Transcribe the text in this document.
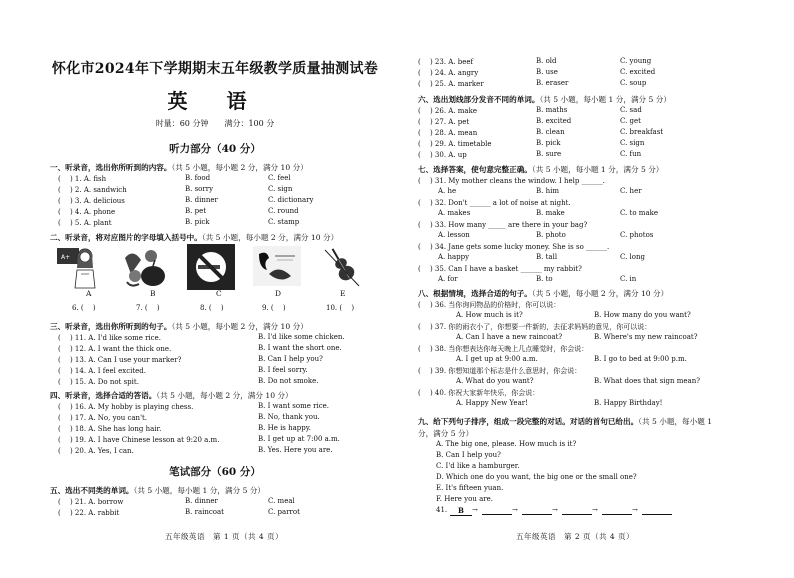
怀化市2024年下学期期末五年级教学质量抽测试卷
英 语
时量：60 分钟　　满分：100 分
听力部分（40 分）
一、听录音，选出你所听到的内容。（共 5 小题，每小题 2 分，满分 10 分）
(　 ) 1. A. fish	B. food	C. feel
(　 ) 2. A. sandwich	B. sorry	C. sign
(　 ) 3. A. delicious	B. dinner	C. dictionary
(　 ) 4. A. phone	B. pet	C. round
(　 ) 5. A. plant	B. pick	C. stamp
二、听录音，将对应图片的字母填入括号中。（共 5 小题，每小题 2 分，满分 10 分）
A+
A	B	C	D	E
6. (　 )	7. (　 )	8. (　 )	9. (　 )	10. (　 )
三、听录音，选出你所听到的句子。（共 5 小题，每小题 2 分，满分 10 分）
(　 ) 11. A. I'd like some rice.	B. I'd like some chicken.
(　 ) 12. A. I want the thick one.	B. I want the short one.
(　 ) 13. A. Can I use your marker?	B. Can I help you?
(　 ) 14. A. I feel excited.	B. I feel sorry.
(　 ) 15. A. Do not spit.	B. Do not smoke.
四、听录音，选择合适的答语。（共 5 小题，每小题 2 分，满分 10 分）
(　 ) 16. A. My hobby is playing chess.	B. I want some rice.
(　 ) 17. A. No, you can't.	B. No, thank you.
(　 ) 18. A. She has long hair.	B. He is happy.
(　 ) 19. A. I have Chinese lesson at 9:20 a.m.	B. I get up at 7:00 a.m.
(　 ) 20. A. Yes, I can.	B. Yes. Here you are.
笔试部分（60 分）
五、选出不同类的单词。（共 5 小题，每小题 1 分，满分 5 分）
(　 ) 21. A. borrow	B. dinner	C. meal
(　 ) 22. A. rabbit	B. raincoat	C. parrot
五年级英语　第 1 页（共 4 页）
(　 ) 23. A. beef	B. old	C. young
(　 ) 24. A. angry	B. use	C. excited
(　 ) 25. A. marker	B. eraser	C. soup
六、选出划线部分发音不同的单词。（共 5 小题，每小题 1 分，满分 5 分）
(　 ) 26. A. make	B. maths	C. sad
(　 ) 27. A. pet	B. excited	C. get
(　 ) 28. A. mean	B. clean	C. breakfast
(　 ) 29. A. timetable	B. pick	C. sign
(　 ) 30. A. up	B. sure	C. fun
七、选择答案，使句意完整正确。（共 5 小题，每小题 1 分，满分 5 分）
(　 ) 31. My mother cleans the window. I help ______.
A. he	B. him	C. her
(　 ) 32. Don't ______ a lot of noise at night.
A. makes	B. make	C. to make
(　 ) 33. How many _____ are there in your bag?
A. lesson	B. photo	C. photos
(　 ) 34. Jane gets some lucky money. She is so ______.
A. happy	B. tall	C. long
(　 ) 35. Can I have a basket ______ my rabbit?
A. for	B. to	C. in
八、根据情境，选择合适的句子。（共 5 小题，每小题 2 分，满分 10 分）
(　 ) 36. 当你询问物品的价格时，你可以说：
A. How much is it?	B. How many do you want?
(　 ) 37. 你的雨衣小了，你想要一件新的，去征求妈妈的意见，你可以说：
A. Can I have a new raincoat?	B. Where's my new raincoat?
(　 ) 38. 当你想表达你每天晚上几点睡觉时，你会说：
A. I get up at 9:00 a.m.	B. I go to bed at 9:00 p.m.
(　 ) 39. 你想知道那个标志是什么意思时，你会说：
A. What do you want?	B. What does that sign mean?
(　 ) 40. 你祝大家新年快乐，你会说：
A. Happy New Year!	B. Happy Birthday!
九、给下列句子排序，组成一段完整的对话。对话的首句已给出。（共 5 小题，每小题 1
分，满分 5 分）
A. The big one, please. How much is it?
B. Can I help you?
C. I'd like a hamburger.
D. Which one do you want, the big one or the small one?
E. It's fifteen yuan.
F. Here you are.
41.	B	→	→	→	→	→
五年级英语　第 2 页（共 4 页）
